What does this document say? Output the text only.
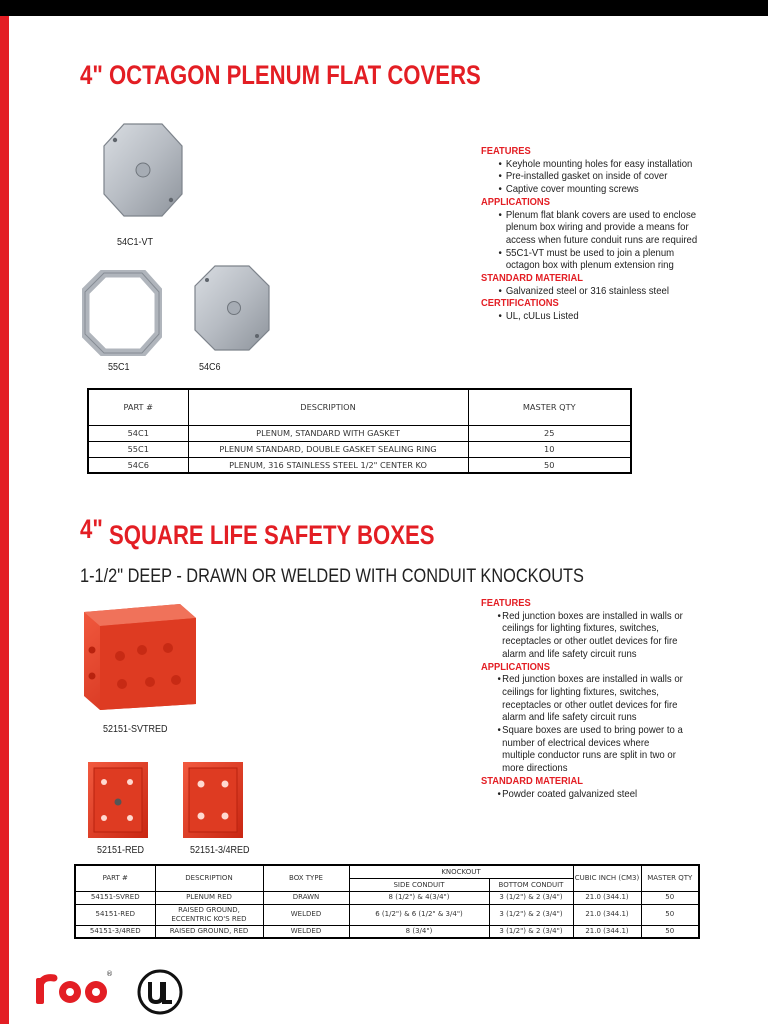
4" OCTAGON PLENUM FLAT COVERS
54C1-VT
55C1	54C6
FEATURES
• Keyhole mounting holes for easy installation
• Pre-installed gasket on inside of cover
• Captive cover mounting screws
APPLICATIONS
• Plenum flat blank covers are used to enclose plenum box wiring and provide a means for access when future conduit runs are required
• 55C1-VT must be used to join a plenum octagon box with plenum extension ring
STANDARD MATERIAL
• Galvanized steel or 316 stainless steel
CERTIFICATIONS
• UL, cULus Listed
PART #	DESCRIPTION	MASTER QTY
54C1	PLENUM, STANDARD WITH GASKET	25
55C1	PLENUM STANDARD, DOUBLE GASKET SEALING RING	10
54C6	PLENUM, 316 STAINLESS STEEL 1/2" CENTER KO	50
4" SQUARE LIFE SAFETY BOXES
1-1/2" DEEP - DRAWN OR WELDED WITH CONDUIT KNOCKOUTS
52151-SVTRED
52151-RED	52151-3/4RED
FEATURES
• Red junction boxes are installed in walls or ceilings for lighting fixtures, switches, receptacles or other outlet devices for fire alarm and life safety circuit runs
APPLICATIONS
• Red junction boxes are installed in walls or ceilings for lighting fixtures, switches, receptacles or other outlet devices for fire alarm and life safety circuit runs
• Square boxes are used to bring power to a number of electrical devices where multiple conductor runs are split in two or more directions
STANDARD MATERIAL
• Powder coated galvanized steel
PART #	DESCRIPTION	BOX TYPE	KNOCKOUT		CUBIC INCH (CM3)	MASTER QTY
			SIDE CONDUIT	BOTTOM CONDUIT		
54151-SVRED	PLENUM RED	DRAWN	8 (1/2") & 4(3/4")	3 (1/2") & 2 (3/4")	21.0 (344.1)	50
54151-RED	RAISED GROUND, ECCENTRIC KO'S RED	WELDED	6 (1/2") & 6 (1/2" & 3/4")	3 (1/2") & 2 (3/4")	21.0 (344.1)	50
54151-3/4RED	RAISED GROUND, RED	WELDED	8 (3/4")	3 (1/2") & 2 (3/4")	21.0 (344.1)	50
®
